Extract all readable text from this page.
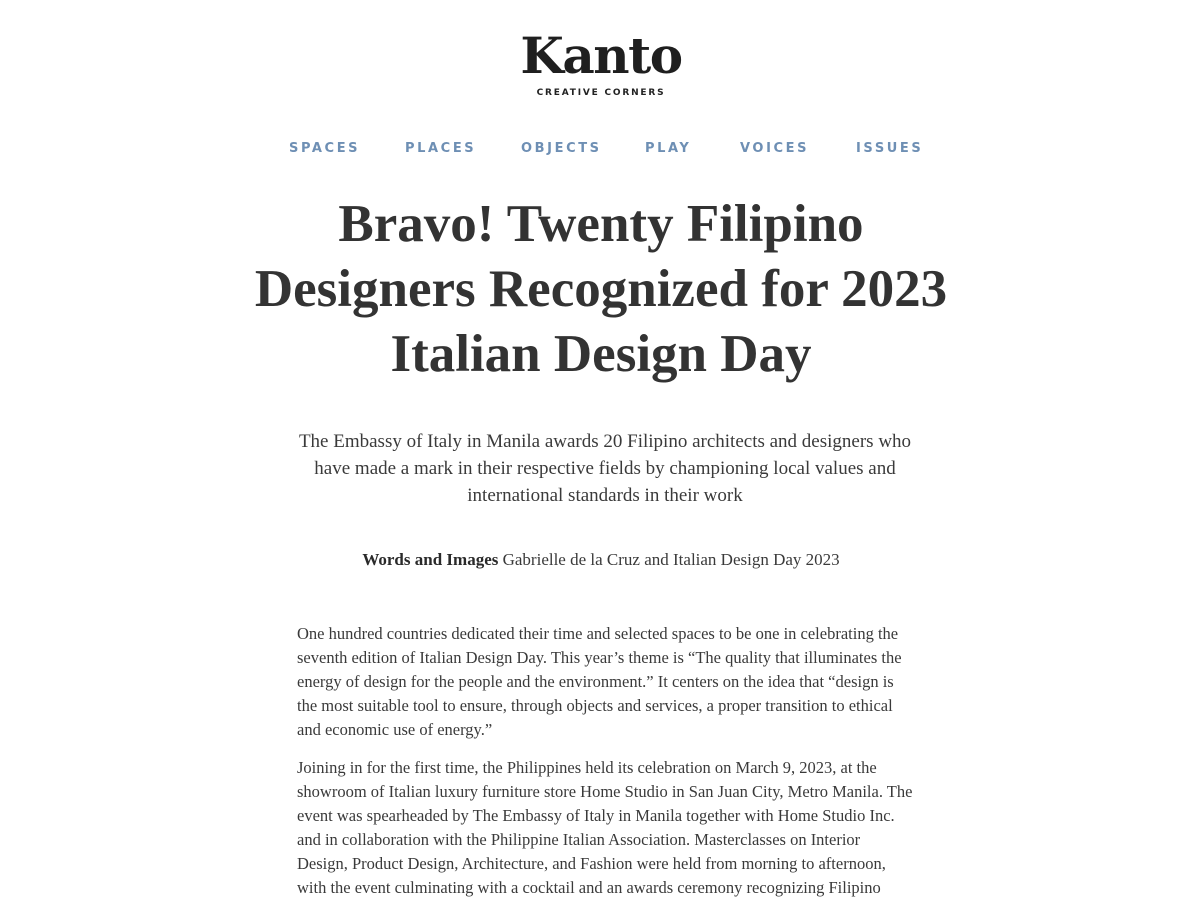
Kanto
CREATIVE CORNERS
SPACES	PLACES	OBJECTS	PLAY	VOICES	ISSUES
Bravo! Twenty Filipino Designers Recognized for 2023 Italian Design Day

The Embassy of Italy in Manila awards 20 Filipino architects and designers who have made a mark in their respective fields by championing local values and international standards in their work

Words and Images Gabrielle de la Cruz and Italian Design Day 2023

One hundred countries dedicated their time and selected spaces to be one in celebrating the seventh edition of Italian Design Day. This year’s theme is “The quality that illuminates the energy of design for the people and the environment.” It centers on the idea that “design is the most suitable tool to ensure, through objects and services, a proper transition to ethical and economic use of energy.”

Joining in for the first time, the Philippines held its celebration on March 9, 2023, at the showroom of Italian luxury furniture store Home Studio in San Juan City, Metro Manila. The event was spearheaded by The Embassy of Italy in Manila together with Home Studio Inc. and in collaboration with the Philippine Italian Association. Masterclasses on Interior Design, Product Design, Architecture, and Fashion were held from morning to afternoon, with the event culminating with a cocktail and an awards ceremony recognizing Filipino
